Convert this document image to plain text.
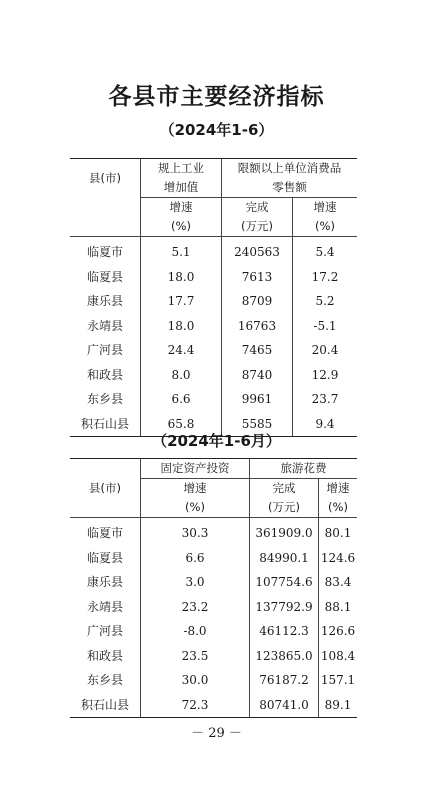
各县市主要经济指标
（2024年1-6）
县(市)	规上工业	限额以上单位消费品	
	增加值	零售额	
	增速	完成	增速
	(%)	(万元)	(%)
临夏市	5.1	240563	5.4
临夏县	18.0	7613	17.2
康乐县	17.7	8709	5.2
永靖县	18.0	16763	-5.1
广河县	24.4	7465	20.4
和政县	8.0	8740	12.9
东乡县	6.6	9961	23.7
积石山县	65.8	5585	9.4
（2024年1-6月）
县(市)	固定资产投资	旅游花费	
	增速	完成	增速
	(%)	(万元)	(%)
临夏市	30.3	361909.0	80.1
临夏县	6.6	84990.1	124.6
康乐县	3.0	107754.6	83.4
永靖县	23.2	137792.9	88.1
广河县	-8.0	46112.3	126.6
和政县	23.5	123865.0	108.4
东乡县	30.0	76187.2	157.1
积石山县	72.3	80741.0	89.1
－ 29 －
